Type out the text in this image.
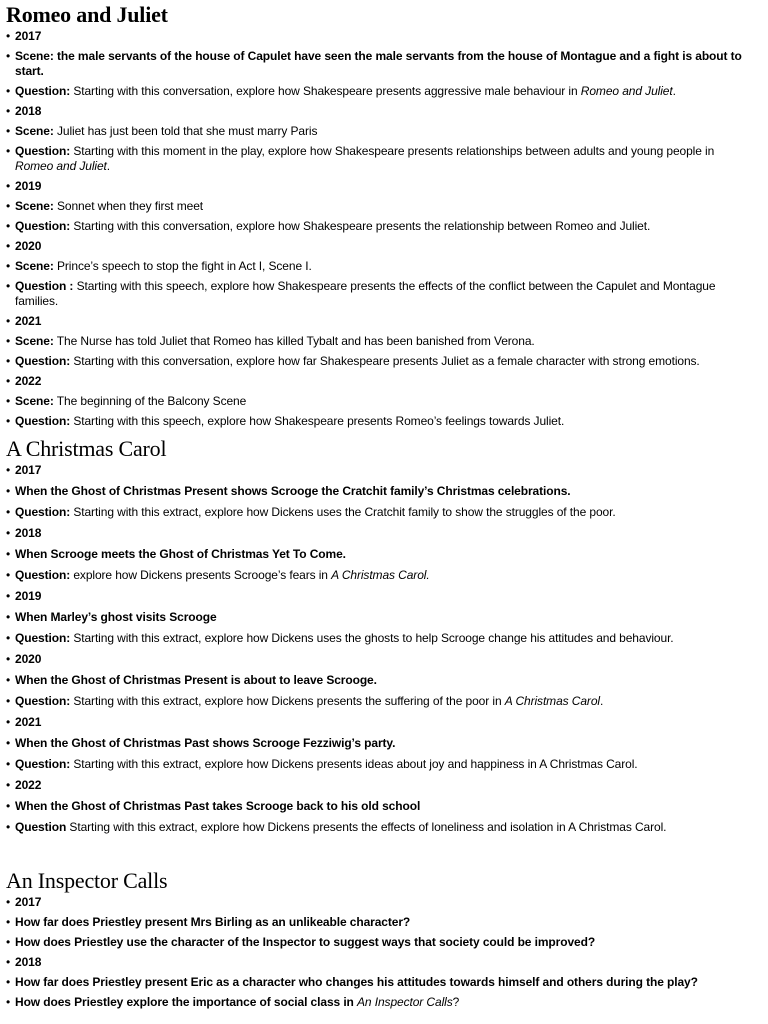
Romeo and Juliet
• 2017
• Scene: the male servants of the house of Capulet have seen the male servants from the house of Montague and a fight is about to start.
• Question: Starting with this conversation, explore how Shakespeare presents aggressive male behaviour in Romeo and Juliet.
• 2018
• Scene: Juliet has just been told that she must marry Paris
• Question: Starting with this moment in the play, explore how Shakespeare presents relationships between adults and young people in Romeo and Juliet.
• 2019
• Scene: Sonnet when they first meet
• Question: Starting with this conversation, explore how Shakespeare presents the relationship between Romeo and Juliet.
• 2020
• Scene: Prince’s speech to stop the fight in Act I, Scene I.
• Question : Starting with this speech, explore how Shakespeare presents the effects of the conflict between the Capulet and Montague families.
• 2021
• Scene: The Nurse has told Juliet that Romeo has killed Tybalt and has been banished from Verona.
• Question: Starting with this conversation, explore how far Shakespeare presents Juliet as a female character with strong emotions.
• 2022
• Scene: The beginning of the Balcony Scene
• Question: Starting with this speech, explore how Shakespeare presents Romeo’s feelings towards Juliet.
A Christmas Carol
• 2017
• When the Ghost of Christmas Present shows Scrooge the Cratchit family’s Christmas celebrations.
• Question: Starting with this extract, explore how Dickens uses the Cratchit family to show the struggles of the poor.
• 2018
• When Scrooge meets the Ghost of Christmas Yet To Come.
• Question: explore how Dickens presents Scrooge’s fears in A Christmas Carol.
• 2019
• When Marley’s ghost visits Scrooge
• Question: Starting with this extract, explore how Dickens uses the ghosts to help Scrooge change his attitudes and behaviour.
• 2020
• When the Ghost of Christmas Present is about to leave Scrooge.
• Question: Starting with this extract, explore how Dickens presents the suffering of the poor in A Christmas Carol.
• 2021
• When the Ghost of Christmas Past shows Scrooge Fezziwig’s party.
• Question: Starting with this extract, explore how Dickens presents ideas about joy and happiness in A Christmas Carol.
• 2022
• When the Ghost of Christmas Past takes Scrooge back to his old school
• Question Starting with this extract, explore how Dickens presents the effects of loneliness and isolation in A Christmas Carol.
An Inspector Calls
• 2017
• How far does Priestley present Mrs Birling as an unlikeable character?
• How does Priestley use the character of the Inspector to suggest ways that society could be improved?
• 2018
• How far does Priestley present Eric as a character who changes his attitudes towards himself and others during the play?
• How does Priestley explore the importance of social class in An Inspector Calls?
